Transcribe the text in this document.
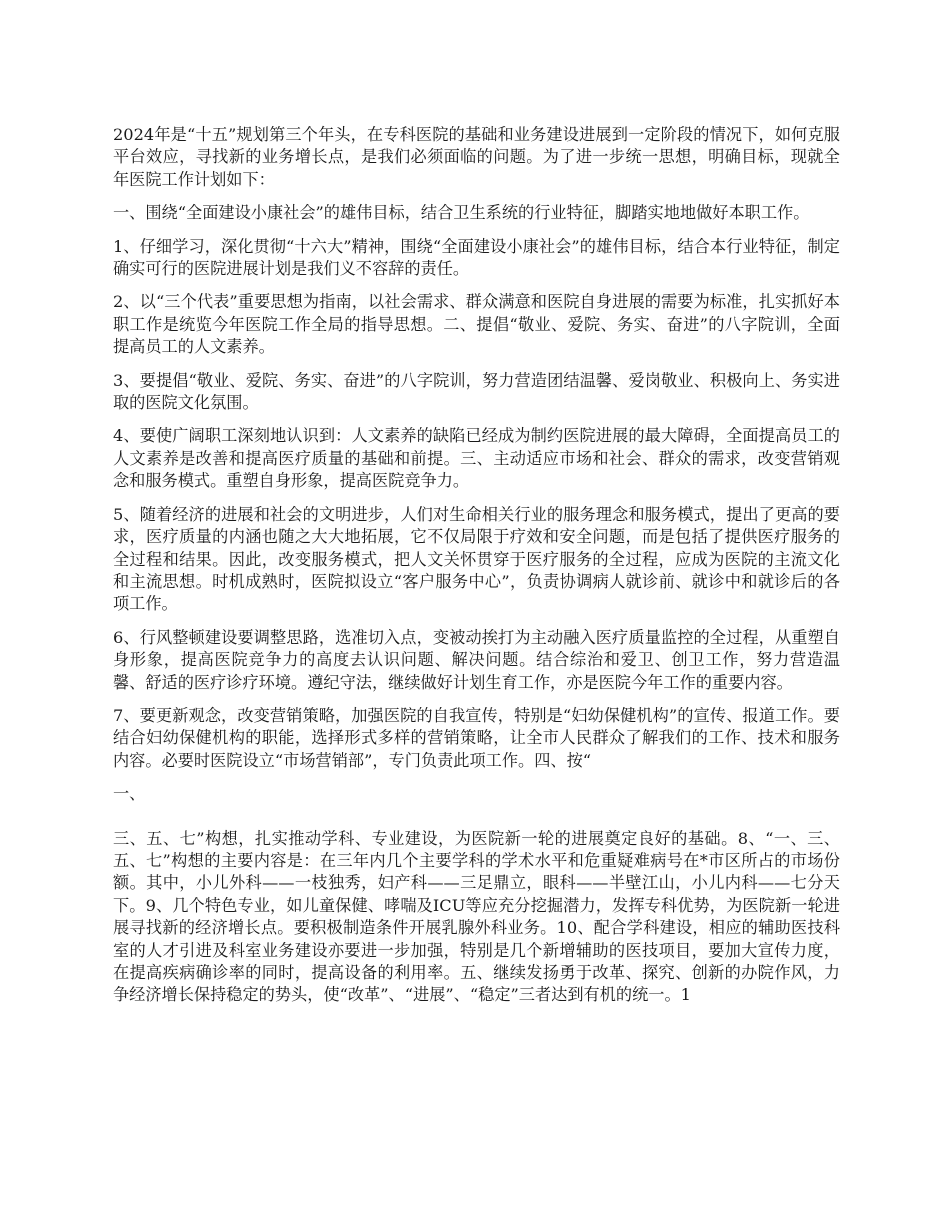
2024年是“十五”规划第三个年头，在专科医院的基础和业务建设进展到一定阶段的情况下，如何克服平台效应，寻找新的业务增长点，是我们必须面临的问题。为了进一步统一思想，明确目标，现就全年医院工作计划如下：

一、围绕“全面建设小康社会”的雄伟目标，结合卫生系统的行业特征，脚踏实地地做好本职工作。

1、仔细学习，深化贯彻“十六大”精神，围绕“全面建设小康社会”的雄伟目标，结合本行业特征，制定确实可行的医院进展计划是我们义不容辞的责任。

2、以“三个代表”重要思想为指南，以社会需求、群众满意和医院自身进展的需要为标准，扎实抓好本职工作是统览今年医院工作全局的指导思想。二、提倡“敬业、爱院、务实、奋进”的八字院训，全面提高员工的人文素养。

3、要提倡“敬业、爱院、务实、奋进”的八字院训，努力营造团结温馨、爱岗敬业、积极向上、务实进取的医院文化氛围。

4、要使广阔职工深刻地认识到：人文素养的缺陷已经成为制约医院进展的最大障碍，全面提高员工的人文素养是改善和提高医疗质量的基础和前提。三、主动适应市场和社会、群众的需求，改变营销观念和服务模式。重塑自身形象，提高医院竞争力。

5、随着经济的进展和社会的文明进步，人们对生命相关行业的服务理念和服务模式，提出了更高的要求，医疗质量的内涵也随之大大地拓展，它不仅局限于疗效和安全问题，而是包括了提供医疗服务的全过程和结果。因此，改变服务模式，把人文关怀贯穿于医疗服务的全过程，应成为医院的主流文化和主流思想。时机成熟时，医院拟设立“客户服务中心”，负责协调病人就诊前、就诊中和就诊后的各项工作。

6、行风整顿建设要调整思路，选准切入点，变被动挨打为主动融入医疗质量监控的全过程，从重塑自身形象，提高医院竞争力的高度去认识问题、解决问题。结合综治和爱卫、创卫工作，努力营造温馨、舒适的医疗诊疗环境。遵纪守法，继续做好计划生育工作，亦是医院今年工作的重要内容。

7、要更新观念，改变营销策略，加强医院的自我宣传，特别是“妇幼保健机构”的宣传、报道工作。要结合妇幼保健机构的职能，选择形式多样的营销策略，让全市人民群众了解我们的工作、技术和服务内容。必要时医院设立“市场营销部”，专门负责此项工作。四、按“

一、

三、五、七”构想，扎实推动学科、专业建设，为医院新一轮的进展奠定良好的基础。8、“一、三、五、七”构想的主要内容是：在三年内几个主要学科的学术水平和危重疑难病号在*市区所占的市场份额。其中，小儿外科——一枝独秀，妇产科——三足鼎立，眼科——半壁江山，小儿内科——七分天下。9、几个特色专业，如儿童保健、哮喘及ICU等应充分挖掘潜力，发挥专科优势，为医院新一轮进展寻找新的经济增长点。要积极制造条件开展乳腺外科业务。10、配合学科建设，相应的辅助医技科室的人才引进及科室业务建设亦要进一步加强，特别是几个新增辅助的医技项目，要加大宣传力度，在提高疾病确诊率的同时，提高设备的利用率。五、继续发扬勇于改革、探究、创新的办院作风，力争经济增长保持稳定的势头，使“改革”、“进展”、“稳定”三者达到有机的统一。1
